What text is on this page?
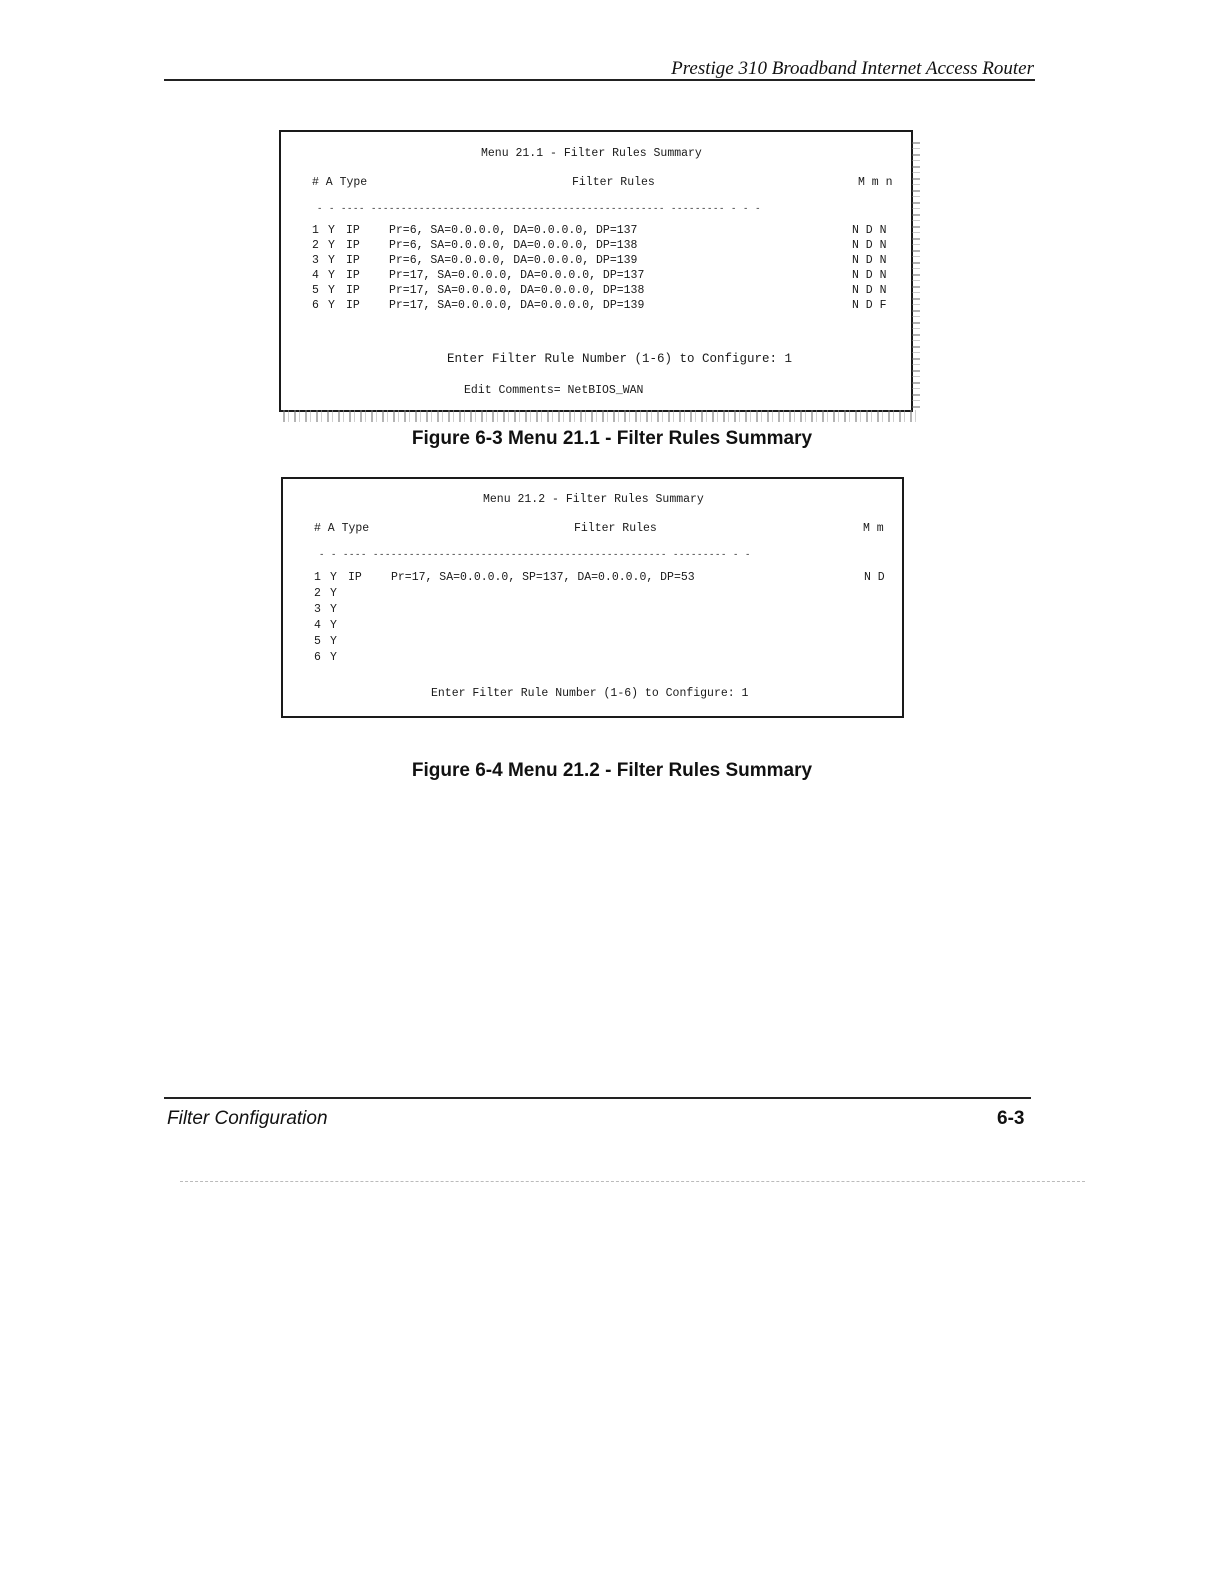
Prestige 310 Broadband Internet Access Router
Menu 21.1 - Filter Rules Summary
# A Type	Filter Rules	M m n
- - ---- ------------------------------------------------- --------- - - -
1 Y IP	Pr=6, SA=0.0.0.0, DA=0.0.0.0, DP=137	N D N
2 Y IP	Pr=6, SA=0.0.0.0, DA=0.0.0.0, DP=138	N D N
3 Y IP	Pr=6, SA=0.0.0.0, DA=0.0.0.0, DP=139	N D N
4 Y IP	Pr=17, SA=0.0.0.0, DA=0.0.0.0, DP=137	N D N
5 Y IP	Pr=17, SA=0.0.0.0, DA=0.0.0.0, DP=138	N D N
6 Y IP	Pr=17, SA=0.0.0.0, DA=0.0.0.0, DP=139	N D F
Enter Filter Rule Number (1-6) to Configure: 1
Edit Comments= NetBIOS_WAN
Figure 6-3 Menu 21.1 - Filter Rules Summary
Menu 21.2 - Filter Rules Summary
# A Type	Filter Rules	M m
- - ---- ------------------------------------------------- --------- - -
1 Y IP	Pr=17, SA=0.0.0.0, SP=137, DA=0.0.0.0, DP=53	N D
2 Y
3 Y
4 Y
5 Y
6 Y
Enter Filter Rule Number (1-6) to Configure: 1
Figure 6-4 Menu 21.2 - Filter Rules Summary
Filter Configuration	6-3
